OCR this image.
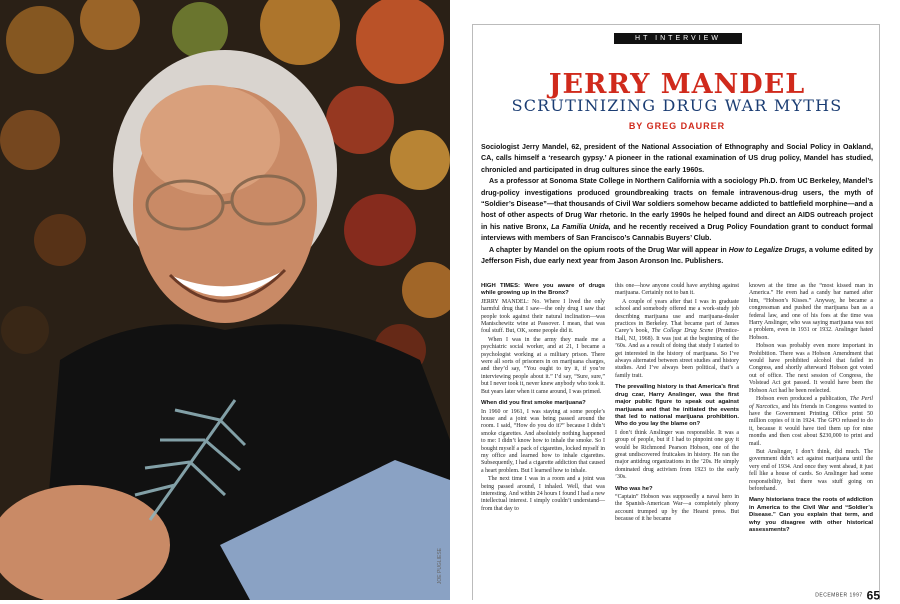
JOE PUGLIESE
HT INTERVIEW
JERRY MANDEL
SCRUTINIZING DRUG WAR MYTHS
BY GREG DAURER

Sociologist Jerry Mandel, 62, president of the National Association of Ethnography and Social Policy in Oakland, CA, calls himself a ‘research gypsy.’ A pioneer in the rational examination of US drug policy, Mandel has studied, chronicled and participated in drug cultures since the early 1960s.

As a professor at Sonoma State College in Northern California with a sociology Ph.D. from UC Berkeley, Mandel’s drug-policy investigations produced groundbreaking tracts on female intravenous-drug users, the myth of “Soldier’s Disease”—that thousands of Civil War soldiers somehow became addicted to battlefield morphine—and a host of other aspects of Drug War rhetoric. In the early 1990s he helped found and direct an AIDS outreach project in his native Bronx, La Familia Unida, and he recently received a Drug Policy Foundation grant to conduct formal interviews with members of San Francisco’s Cannabis Buyers’ Club.

A chapter by Mandel on the opium roots of the Drug War will appear in How to Legalize Drugs, a volume edited by Jefferson Fish, due early next year from Jason Aronson Inc. Publishers.

HIGH TIMES: Were you aware of drugs while growing up in the Bronx?

JERRY MANDEL: No. Where I lived the only harmful drug that I saw—the only drug I saw that people took against their natural inclination—was Manischewitz wine at Passover. I mean, that was foul stuff. But, OK, some people did it.

When I was in the army they made me a psychiatric social worker, and at 21, I became a psychologist working at a military prison. There were all sorts of prisoners in on marijuana charges, and they’d say, “You ought to try it, if you’re interviewing people about it.” I’d say, “Sure, sure,” but I never took it, never knew anybody who took it. But years later when it came around, I was primed.

When did you first smoke marijuana?

In 1960 or 1961, I was staying at some people’s house and a joint was being passed around the room. I said, “How do you do it?” because I didn’t smoke cigarettes. And absolutely nothing happened to me: I didn’t know how to inhale the smoke. So I bought myself a pack of cigarettes, locked myself in my office and learned how to inhale cigarettes. Subsequently, I had a cigarette addiction that caused a heart problem. But I learned how to inhale.

The next time I was in a room and a joint was being passed around, I inhaled. Well, that was interesting. And within 24 hours I found I had a new intellectual interest. I simply couldn’t understand—from that day to

this one—how anyone could have anything against marijuana. Certainly not to ban it.

A couple of years after that I was in graduate school and somebody offered me a work-study job describing marijuana use and marijuana-dealer practices in Berkeley. That became part of James Carey’s book, The College Drug Scene (Prentice-Hall, NJ, 1968). It was just at the beginning of the ’60s. And as a result of doing that study I started to get interested in the history of marijuana. So I’ve always alternated between street studies and history studies. And I’ve always been political, that’s a family trait.

The prevailing history is that America’s first drug czar, Harry Anslinger, was the first major public figure to speak out against marijuana and that he initiated the events that led to national marijuana prohibition. Who do you lay the blame on?

I don’t think Anslinger was responsible. It was a group of people, but if I had to pinpoint one guy it would be Richmond Pearson Hobson, one of the great undiscovered fruitcakes in history. He ran the major antidrug organizations in the ’20s. He simply dominated drug activism from 1923 to the early ’30s.

Who was he?

“Captain” Hobson was supposedly a naval hero in the Spanish-American War—a completely phony account trumped up by the Hearst press. But because of it he became

known at the time as the “most kissed man in America.” He even had a candy bar named after him, “Hobson’s Kisses.” Anyway, he became a congressman and pushed the marijuana ban as a federal law, and one of his foes at the time was Harry Anslinger, who was saying marijuana was not a problem, even in 1931 or 1932. Anslinger hated Hobson.

Hobson was probably even more important in Prohibition. There was a Hobson Amendment that would have prohibited alcohol that failed in Congress, and shortly afterward Hobson got voted out of office. The next session of Congress, the Volstead Act got passed. It would have been the Hobson Act had he been reelected.

Hobson even produced a publication, The Peril of Narcotics, and his friends in Congress wanted to have the Government Printing Office print 50 million copies of it in 1924. The GPO refused to do it, because it would have tied them up for nine months and then cost about $230,000 to print and mail.

But Anslinger, I don’t think, did much. The government didn’t act against marijuana until the very end of 1934. And once they went ahead, it just fell like a house of cards. So Anslinger had some responsibility, but there was stuff going on beforehand.

Many historians trace the roots of addiction in America to the Civil War and “Soldier’s Disease.” Can you explain that term, and why you disagree with other historical assessments?

DECEMBER 1997 65
